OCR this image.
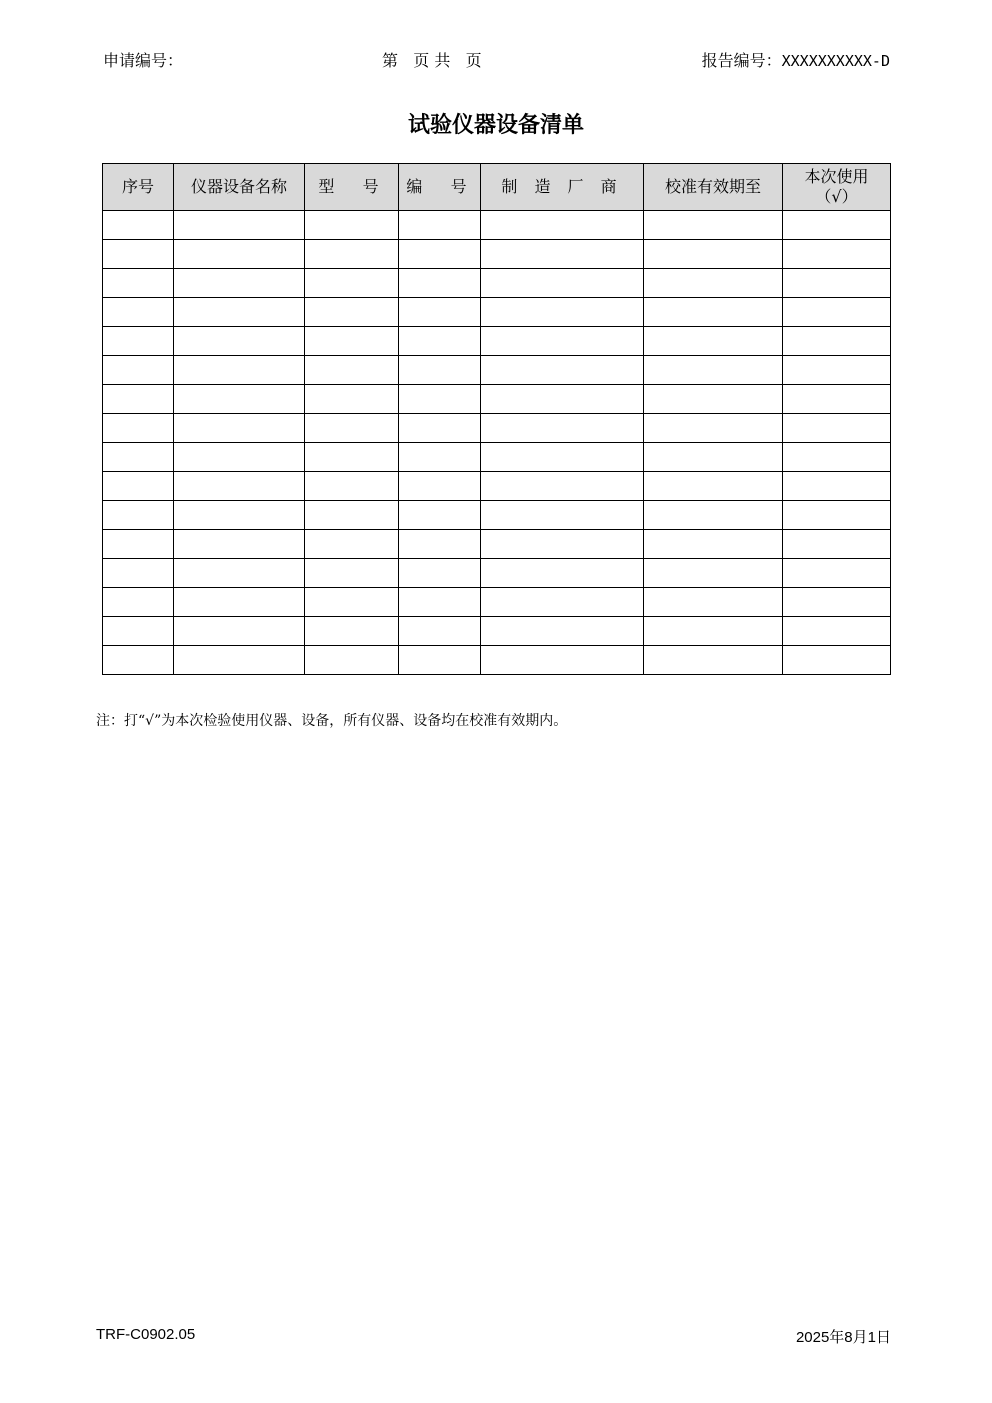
申请编号：	第   页 共   页	报告编号：XXXXXXXXXX-D
试验仪器设备清单
序号	仪器设备名称	型  号	编  号	制 造 厂 商	校准有效期至	本次使用
（√）

注：打“√”为本次检验使用仪器、设备，所有仪器、设备均在校准有效期内。
TRF-C0902.05	2025年8月1日
